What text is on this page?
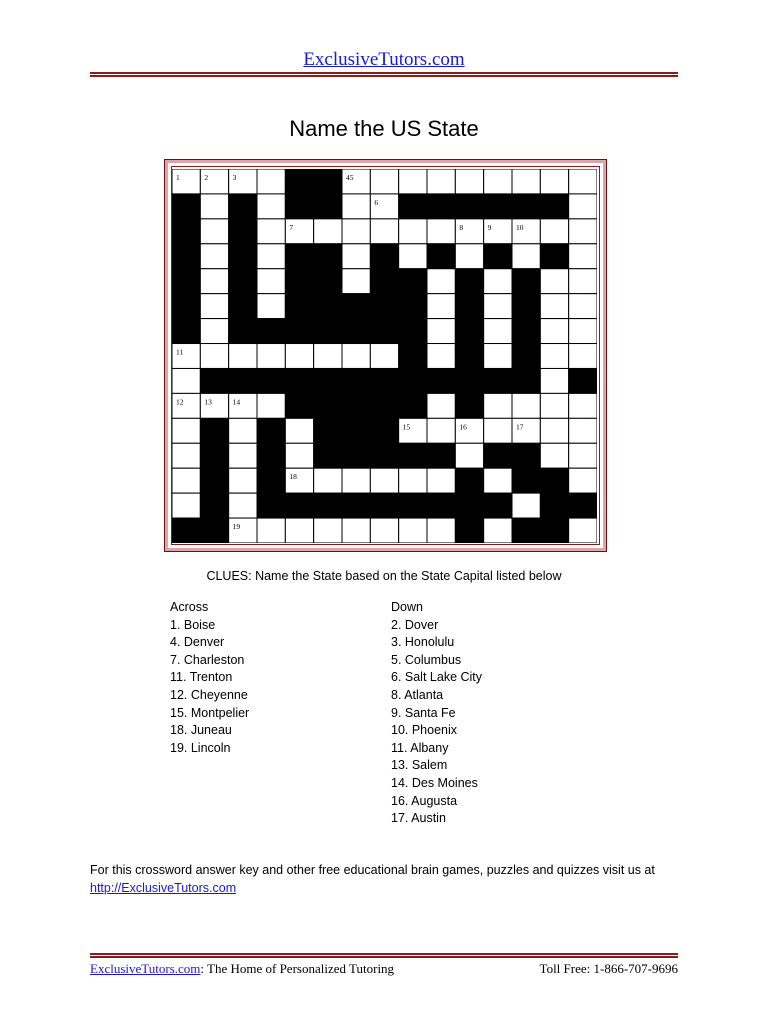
ExclusiveTutors.com
Name the US State
1	2	3	45
6
7	8	9	10
11
12	13	14
15	16	17
18
19
CLUES: Name the State based on the State Capital listed below
Across
1. Boise
4. Denver
7. Charleston
11. Trenton
12. Cheyenne
15. Montpelier
18. Juneau
19. Lincoln
Down
2. Dover
3. Honolulu
5. Columbus
6. Salt Lake City
8. Atlanta
9. Santa Fe
10. Phoenix
11. Albany
13. Salem
14. Des Moines
16. Augusta
17. Austin
For this crossword answer key and other free educational brain games, puzzles and quizzes visit us at
http://ExclusiveTutors.com
ExclusiveTutors.com: The Home of Personalized Tutoring	Toll Free: 1-866-707-9696
